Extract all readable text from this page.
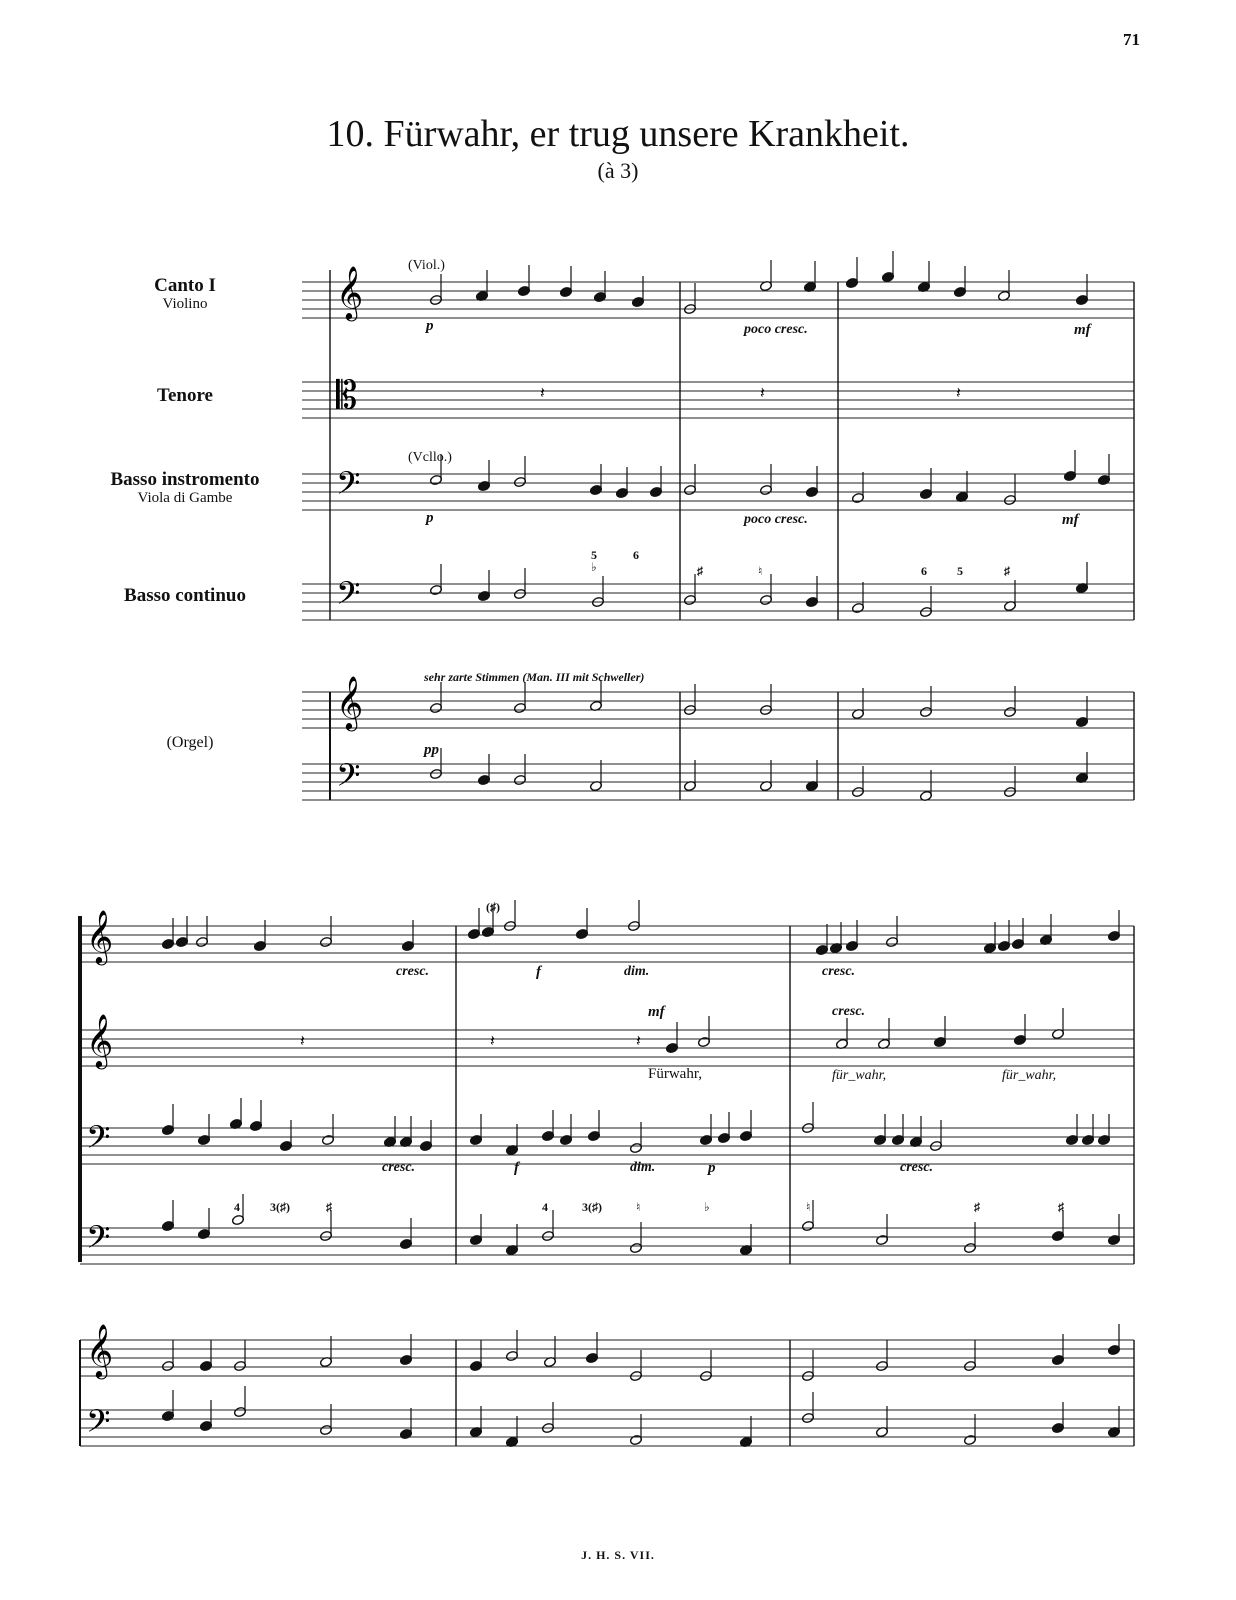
71
10. Fürwahr, er trug unsere Krankheit.
(à 3)
Canto I
Violino
Tenore
Basso instromento
Viola di Gambe
Basso continuo
(Orgel)
(Viol.)
p	poco cresc.	mf
(Vcllo.)
p	poco cresc.	mf
5
♭
6
♯	♮	6	5	♯
sehr zarte Stimmen (Man. III mit Schweller)
pp
cresc.
(♯)
f	dim.	cresc.
mf	cresc.
Fürwahr,	für_wahr,	für_wahr,
cresc.	f	dim.	p	cresc.
4	3(♯)	♯	4	3(♯)	♮	♭	♮	♯	♯
J. H. S. VII.
𝄞
𝄡
𝄢
𝄢
𝄞
𝄢
𝄽	𝄽	𝄽
𝄞
𝄞
𝄢
𝄢
𝄞
𝄢
𝄽	𝄽	𝄽
